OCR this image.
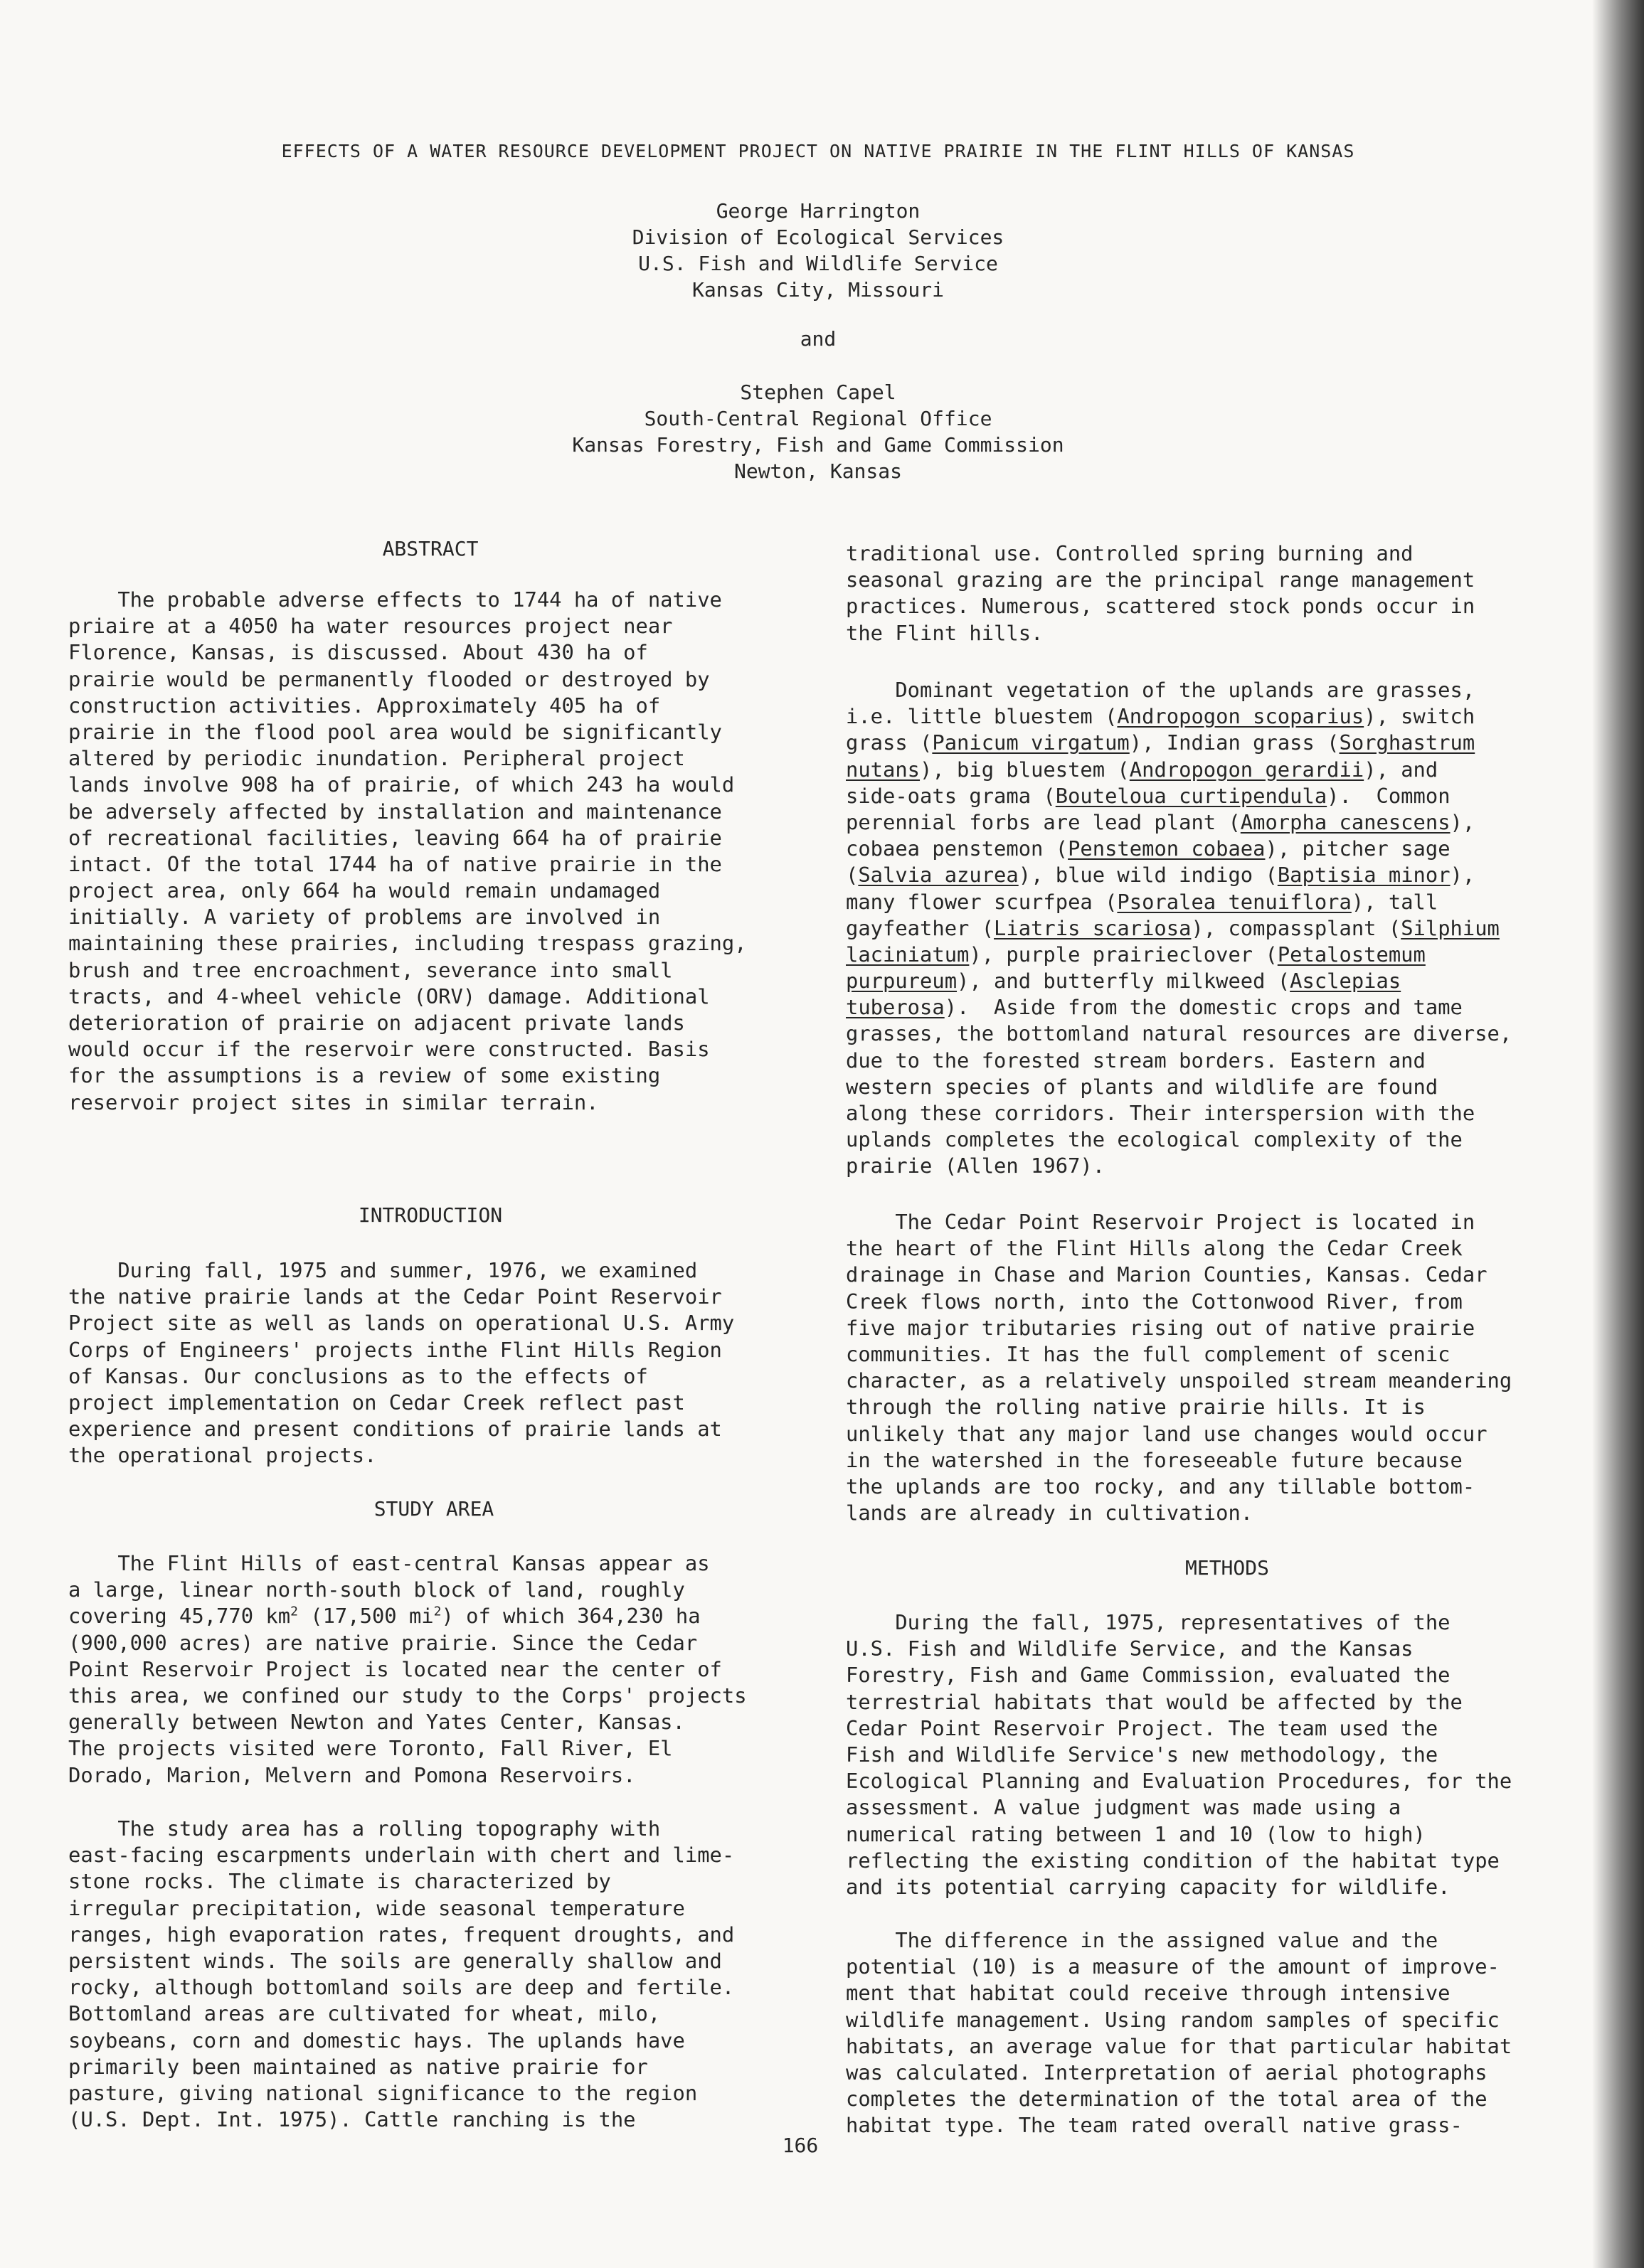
EFFECTS OF A WATER RESOURCE DEVELOPMENT PROJECT ON NATIVE PRAIRIE IN THE FLINT HILLS OF KANSAS
George Harrington
Division of Ecological Services
U.S. Fish and Wildlife Service
Kansas City, Missouri
and
Stephen Capel
South-Central Regional Office
Kansas Forestry, Fish and Game Commission
Newton, Kansas
ABSTRACT
The probable adverse effects to 1744 ha of native
priaire at a 4050 ha water resources project near
Florence, Kansas, is discussed. About 430 ha of
prairie would be permanently flooded or destroyed by
construction activities. Approximately 405 ha of
prairie in the flood pool area would be significantly
altered by periodic inundation. Peripheral project
lands involve 908 ha of prairie, of which 243 ha would
be adversely affected by installation and maintenance
of recreational facilities, leaving 664 ha of prairie
intact. Of the total 1744 ha of native prairie in the
project area, only 664 ha would remain undamaged
initially. A variety of problems are involved in
maintaining these prairies, including trespass grazing,
brush and tree encroachment, severance into small
tracts, and 4-wheel vehicle (ORV) damage. Additional
deterioration of prairie on adjacent private lands
would occur if the reservoir were constructed. Basis
for the assumptions is a review of some existing
reservoir project sites in similar terrain.
INTRODUCTION
During fall, 1975 and summer, 1976, we examined
the native prairie lands at the Cedar Point Reservoir
Project site as well as lands on operational U.S. Army
Corps of Engineers' projects inthe Flint Hills Region
of Kansas. Our conclusions as to the effects of
project implementation on Cedar Creek reflect past
experience and present conditions of prairie lands at
the operational projects.
STUDY AREA
The Flint Hills of east-central Kansas appear as
a large, linear north-south block of land, roughly
covering 45,770 $km^2$ (17,500 $mi^2$) of which 364,230 ha
(900,000 acres) are native prairie. Since the Cedar
Point Reservoir Project is located near the center of
this area, we confined our study to the Corps' projects
generally between Newton and Yates Center, Kansas.
The projects visited were Toronto, Fall River, El
Dorado, Marion, Melvern and Pomona Reservoirs.
The study area has a rolling topography with
east-facing escarpments underlain with chert and lime-
stone rocks. The climate is characterized by
irregular precipitation, wide seasonal temperature
ranges, high evaporation rates, frequent droughts, and
persistent winds. The soils are generally shallow and
rocky, although bottomland soils are deep and fertile.
Bottomland areas are cultivated for wheat, milo,
soybeans, corn and domestic hays. The uplands have
primarily been maintained as native prairie for
pasture, giving national significance to the region
(U.S. Dept. Int. 1975). Cattle ranching is the
traditional use. Controlled spring burning and
seasonal grazing are the principal range management
practices. Numerous, scattered stock ponds occur in
the Flint hills.
Dominant vegetation of the uplands are grasses,
i.e. little bluestem (Andropogon scoparius), switch
grass (Panicum virgatum), Indian grass (Sorghastrum
nutans), big bluestem (Andropogon gerardii), and
side-oats grama (Bouteloua curtipendula).  Common
perennial forbs are lead plant (Amorpha canescens),
cobaea penstemon (Penstemon cobaea), pitcher sage
(Salvia azurea), blue wild indigo (Baptisia minor),
many flower scurfpea (Psoralea tenuiflora), tall
gayfeather (Liatris scariosa), compassplant (Silphium
laciniatum), purple prairieclover (Petalostemum
purpureum), and butterfly milkweed (Asclepias
tuberosa).  Aside from the domestic crops and tame
grasses, the bottomland natural resources are diverse,
due to the forested stream borders. Eastern and
western species of plants and wildlife are found
along these corridors. Their interspersion with the
uplands completes the ecological complexity of the
prairie (Allen 1967).
The Cedar Point Reservoir Project is located in
the heart of the Flint Hills along the Cedar Creek
drainage in Chase and Marion Counties, Kansas. Cedar
Creek flows north, into the Cottonwood River, from
five major tributaries rising out of native prairie
communities. It has the full complement of scenic
character, as a relatively unspoiled stream meandering
through the rolling native prairie hills. It is
unlikely that any major land use changes would occur
in the watershed in the foreseeable future because
the uplands are too rocky, and any tillable bottom-
lands are already in cultivation.
METHODS
During the fall, 1975, representatives of the
U.S. Fish and Wildlife Service, and the Kansas
Forestry, Fish and Game Commission, evaluated the
terrestrial habitats that would be affected by the
Cedar Point Reservoir Project. The team used the
Fish and Wildlife Service's new methodology, the
Ecological Planning and Evaluation Procedures, for the
assessment. A value judgment was made using a
numerical rating between 1 and 10 (low to high)
reflecting the existing condition of the habitat type
and its potential carrying capacity for wildlife.
The difference in the assigned value and the
potential (10) is a measure of the amount of improve-
ment that habitat could receive through intensive
wildlife management. Using random samples of specific
habitats, an average value for that particular habitat
was calculated. Interpretation of aerial photographs
completes the determination of the total area of the
habitat type. The team rated overall native grass-
166
